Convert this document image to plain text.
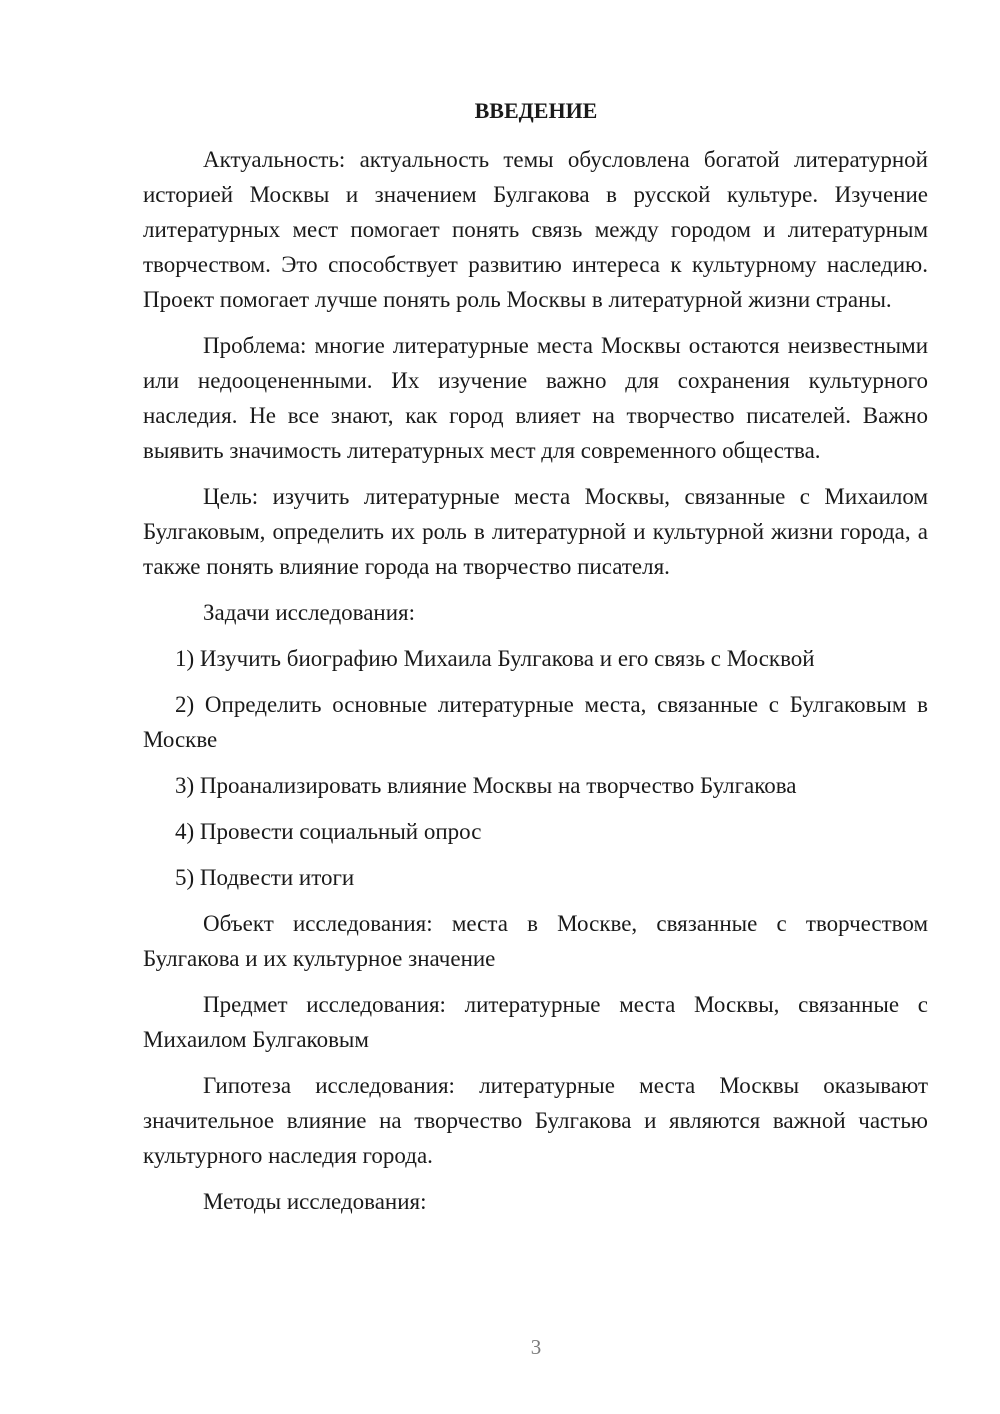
ВВЕДЕНИЕ

Актуальность: актуальность темы обусловлена богатой литературной историей Москвы и значением Булгакова в русской культуре. Изучение литературных мест помогает понять связь между городом и литературным творчеством. Это способствует развитию интереса к культурному наследию. Проект помогает лучше понять роль Москвы в литературной жизни страны.

Проблема: многие литературные места Москвы остаются неизвестными или недооцененными. Их изучение важно для сохранения культурного наследия. Не все знают, как город влияет на творчество писателей. Важно выявить значимость литературных мест для современного общества.

Цель: изучить литературные места Москвы, связанные с Михаилом Булгаковым, определить их роль в литературной и культурной жизни города, а также понять влияние города на творчество писателя.

Задачи исследования:

1) Изучить биографию Михаила Булгакова и его связь с Москвой

2) Определить основные литературные места, связанные с Булгаковым в Москве

3) Проанализировать влияние Москвы на творчество Булгакова

4) Провести социальный опрос

5) Подвести итоги

Объект исследования: места в Москве, связанные с творчеством Булгакова и их культурное значение

Предмет исследования: литературные места Москвы, связанные с Михаилом Булгаковым

Гипотеза исследования: литературные места Москвы оказывают значительное влияние на творчество Булгакова и являются важной частью культурного наследия города.

Методы исследования:

3
